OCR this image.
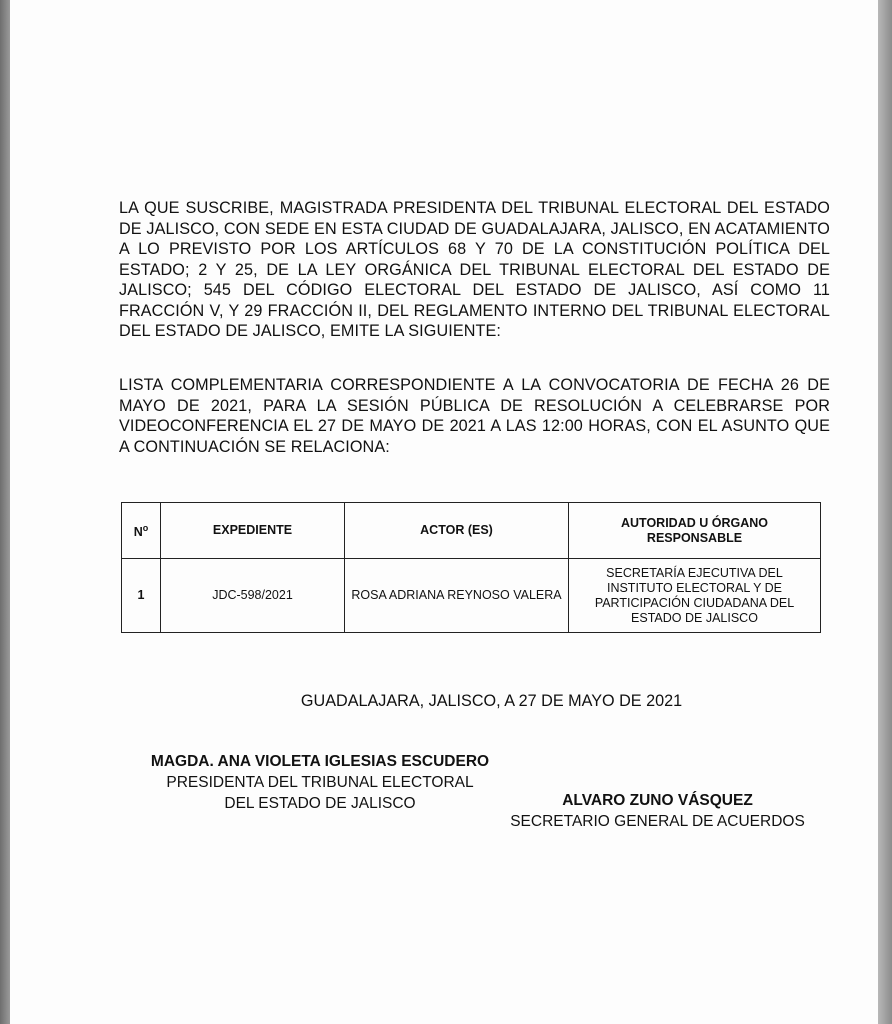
LA QUE SUSCRIBE, MAGISTRADA PRESIDENTA DEL TRIBUNAL ELECTORAL DEL ESTADO DE JALISCO, CON SEDE EN ESTA CIUDAD DE GUADALAJARA, JALISCO, EN ACATAMIENTO A LO PREVISTO POR LOS ARTÍCULOS 68 Y 70 DE LA CONSTITUCIÓN POLÍTICA DEL ESTADO; 2 Y 25, DE LA LEY ORGÁNICA DEL TRIBUNAL ELECTORAL DEL ESTADO DE JALISCO; 545 DEL CÓDIGO ELECTORAL DEL ESTADO DE JALISCO, ASÍ COMO 11 FRACCIÓN V, Y 29 FRACCIÓN II, DEL REGLAMENTO INTERNO DEL TRIBUNAL ELECTORAL DEL ESTADO DE JALISCO, EMITE LA SIGUIENTE:

LISTA COMPLEMENTARIA CORRESPONDIENTE A LA CONVOCATORIA DE FECHA 26 DE MAYO DE 2021, PARA LA SESIÓN PÚBLICA DE RESOLUCIÓN A CELEBRARSE POR VIDEOCONFERENCIA EL 27 DE MAYO DE 2021 A LAS 12:00 HORAS, CON EL ASUNTO QUE A CONTINUACIÓN SE RELACIONA:

$N^o$	EXPEDIENTE	ACTOR (ES)	AUTORIDAD U ÓRGANO RESPONSABLE
1	JDC-598/2021	ROSA ADRIANA REYNOSO VALERA	SECRETARÍA EJECUTIVA DEL INSTITUTO ELECTORAL Y DE PARTICIPACIÓN CIUDADANA DEL ESTADO DE JALISCO
GUADALAJARA, JALISCO, A 27 DE MAYO DE 2021
MAGDA. ANA VIOLETA IGLESIAS ESCUDERO
PRESIDENTA DEL TRIBUNAL ELECTORAL
DEL ESTADO DE JALISCO	ALVARO ZUNO VÁSQUEZ
SECRETARIO GENERAL DE ACUERDOS
